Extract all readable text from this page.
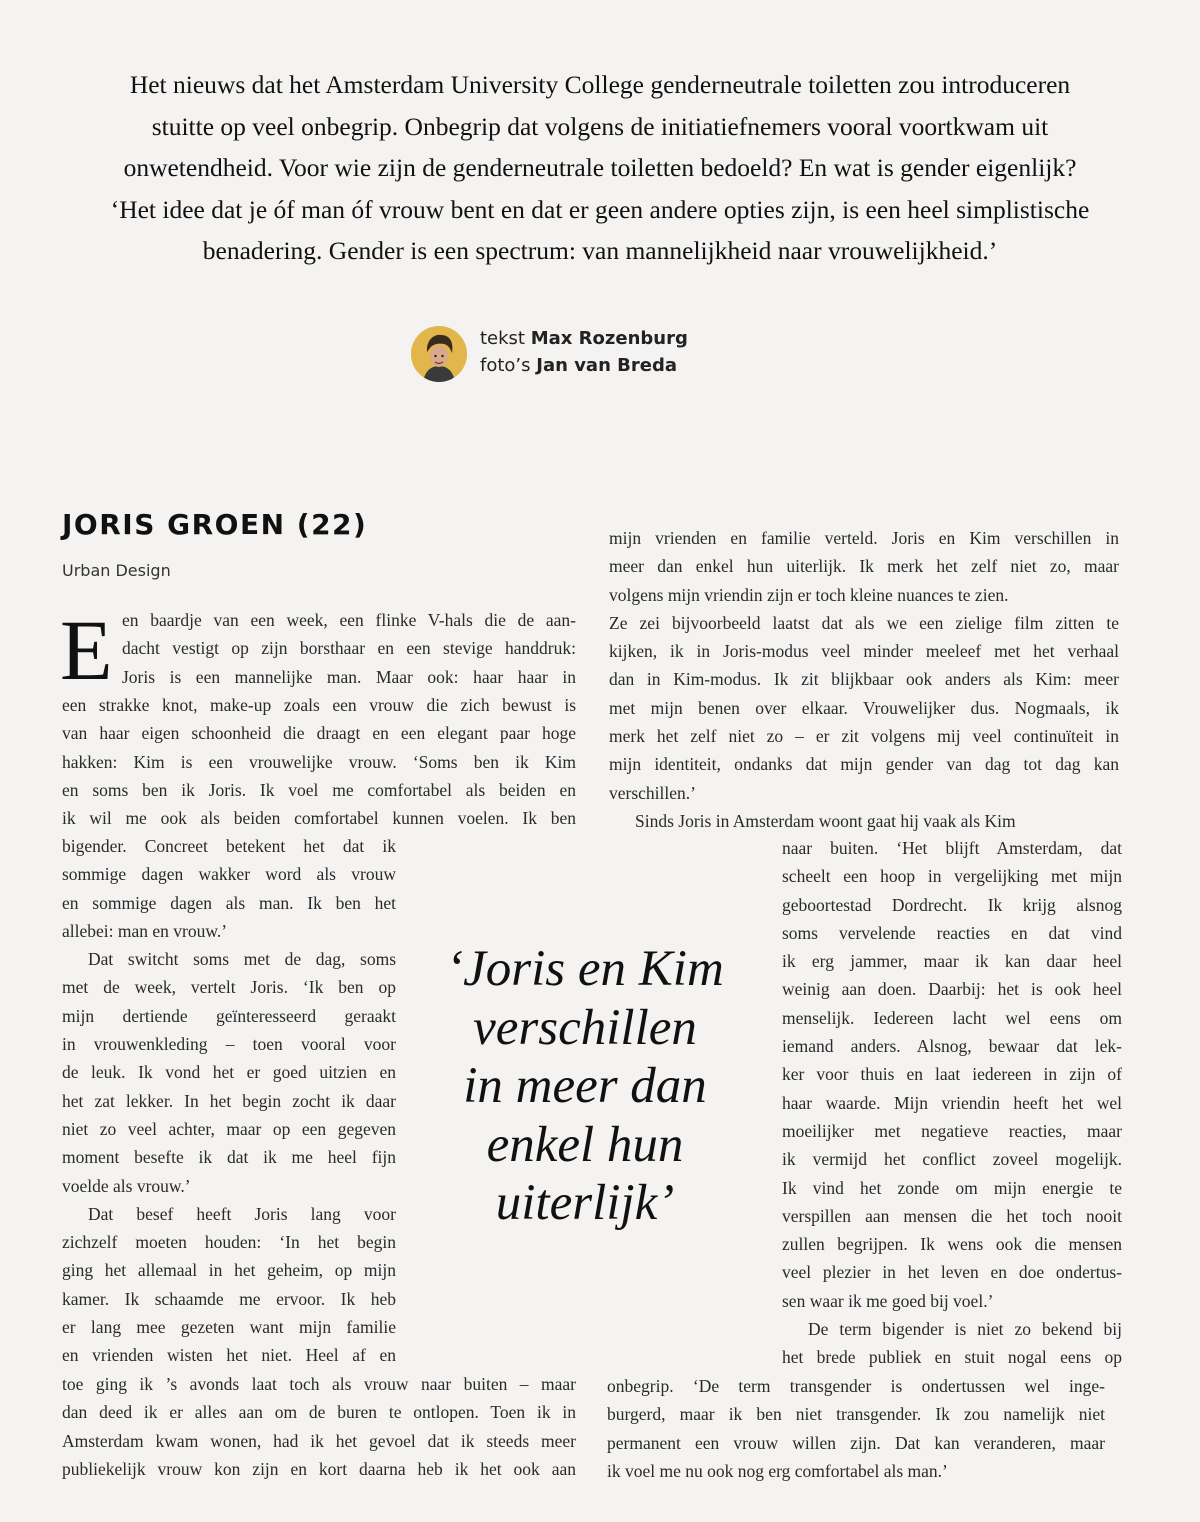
Het nieuws dat het Amsterdam University College genderneutrale toiletten zou introduceren
stuitte op veel onbegrip. Onbegrip dat volgens de initiatiefnemers vooral voortkwam uit
onwetendheid. Voor wie zijn de genderneutrale toiletten bedoeld? En wat is gender eigenlijk?
‘Het idee dat je óf man óf vrouw bent en dat er geen andere opties zijn, is een heel simplistische
benadering. Gender is een spectrum: van mannelijkheid naar vrouwelijkheid.’
tekst Max Rozenburg
foto’s Jan van Breda
JORIS GROEN (22)
Urban Design
E en baardje van een week, een flinke V-hals die de aan-
dacht vestigt op zijn borsthaar en een stevige handdruk:
Joris is een mannelijke man. Maar ook: haar haar in
een strakke knot, make-up zoals een vrouw die zich bewust is
van haar eigen schoonheid die draagt en een elegant paar hoge
hakken: Kim is een vrouwelijke vrouw. ‘Soms ben ik Kim
en soms ben ik Joris. Ik voel me comfortabel als beiden en
ik wil me ook als beiden comfortabel kunnen voelen. Ik ben
bigender. Concreet betekent het dat ik
sommige dagen wakker word als vrouw
en sommige dagen als man. Ik ben het
allebei: man en vrouw.’
Dat switcht soms met de dag, soms
met de week, vertelt Joris. ‘Ik ben op
mijn dertiende geïnteresseerd geraakt
in vrouwenkleding – toen vooral voor
de leuk. Ik vond het er goed uitzien en
het zat lekker. In het begin zocht ik daar
niet zo veel achter, maar op een gegeven
moment besefte ik dat ik me heel fijn
voelde als vrouw.’
Dat besef heeft Joris lang voor
zichzelf moeten houden: ‘In het begin
ging het allemaal in het geheim, op mijn
kamer. Ik schaamde me ervoor. Ik heb
er lang mee gezeten want mijn familie
en vrienden wisten het niet. Heel af en
toe ging ik ’s avonds laat toch als vrouw naar buiten – maar
dan deed ik er alles aan om de buren te ontlopen. Toen ik in
Amsterdam kwam wonen, had ik het gevoel dat ik steeds meer
publiekelijk vrouw kon zijn en kort daarna heb ik het ook aan
mijn vrienden en familie verteld. Joris en Kim verschillen in
meer dan enkel hun uiterlijk. Ik merk het zelf niet zo, maar
volgens mijn vriendin zijn er toch kleine nuances te zien.
Ze zei bijvoorbeeld laatst dat als we een zielige film zitten te
kijken, ik in Joris-modus veel minder meeleef met het verhaal
dan in Kim-modus. Ik zit blijkbaar ook anders als Kim: meer
met mijn benen over elkaar. Vrouwelijker dus. Nogmaals, ik
merk het zelf niet zo – er zit volgens mij veel continuïteit in
mijn identiteit, ondanks dat mijn gender van dag tot dag kan
verschillen.’
Sinds Joris in Amsterdam woont gaat hij vaak als Kim
naar buiten. ‘Het blijft Amsterdam, dat
scheelt een hoop in vergelijking met mijn
geboortestad Dordrecht. Ik krijg alsnog
soms vervelende reacties en dat vind
ik erg jammer, maar ik kan daar heel
weinig aan doen. Daarbij: het is ook heel
menselijk. Iedereen lacht wel eens om
iemand anders. Alsnog, bewaar dat lek-
ker voor thuis en laat iedereen in zijn of
haar waarde. Mijn vriendin heeft het wel
moeilijker met negatieve reacties, maar
ik vermijd het conflict zoveel mogelijk.
Ik vind het zonde om mijn energie te
verspillen aan mensen die het toch nooit
zullen begrijpen. Ik wens ook die mensen
veel plezier in het leven en doe ondertus-
sen waar ik me goed bij voel.’
De term bigender is niet zo bekend bij
het brede publiek en stuit nogal eens op
onbegrip. ‘De term transgender is ondertussen wel inge-
burgerd, maar ik ben niet transgender. Ik zou namelijk niet
permanent een vrouw willen zijn. Dat kan veranderen, maar
ik voel me nu ook nog erg comfortabel als man.’
‘Joris en Kim
verschillen
in meer dan
enkel hun
uiterlijk’
